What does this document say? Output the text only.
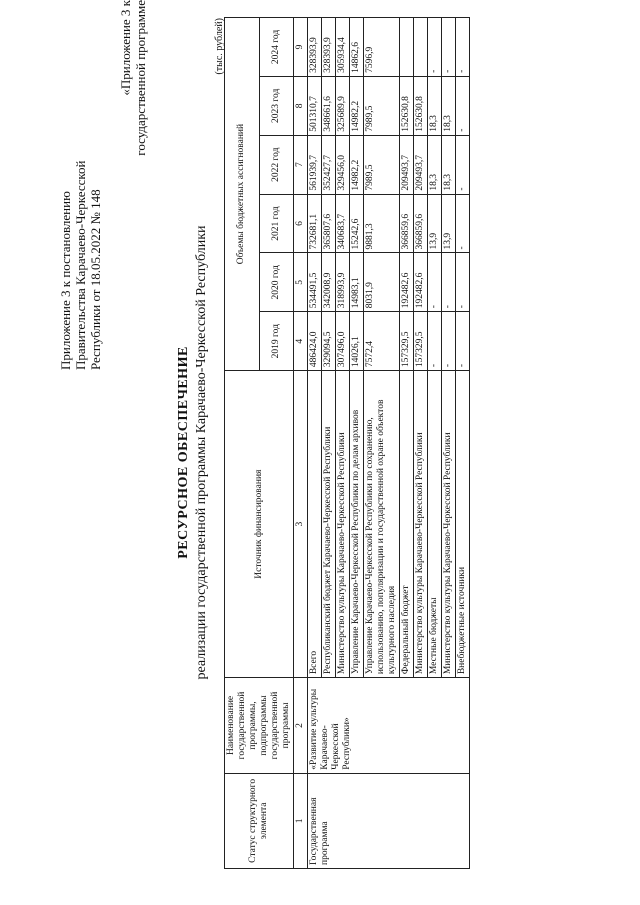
Приложение 3 к постановлению Правительства Карачаево-Черкесской Республики от 18.05.2022 № 148
«Приложение 3 к государственной программе
РЕСУРСНОЕ ОБЕСПЕЧЕНИЕ реализации государственной программы Карачаево-Черкесской Республики
(тыс. рублей)
Статус структурного элемента	Наименование государственной программы, подпрограммы государственной программы	Источник финансирования	Объемы бюджетных ассигнований					
			2019 год	2020 год	2021 год	2022 год	2023 год	2024 год
1	2	3	4	5	6	7	8	9
Государственная программа	«Развитие культуры Карачаево-Черкесской Республики»	Всего	486424,0	534491,5	732681,1	561939,7	501310,7	328393,9
		Республиканский бюджет Карачаево-Черкесской Республики	329094,5	342008,9	365807,6	352427,7	348661,6	328393,9
		Министерство культуры Карачаево-Черкесской Республики	307496,0	318993,9	340683,7	329456,0	325689,9	305934,4
		Управление Карачаево-Черкесской Республики по делам архивов	14026,1	14983,1	15242,6	14982,2	14982,2	14862,6
		Управление Карачаево-Черкесской Республики по сохранению, использованию, популяризации и государственной охране объектов культурного наследия	7572,4	8031,9	9881,3	7989,5	7989,5	7596,9
		Федеральный бюджет	157329,5	192482,6	366859,6	209493,7	152630,8	
		Министерство культуры Карачаево-Черкесской Республики	157329,5	192482,6	366859,6	209493,7	152630,8	
		Местные бюджеты	-	-	13,9	18,3	18,3	-
		Министерство культуры Карачаево-Черкесской Республики	-	-	13,9	18,3	18,3	-
		Внебюджетные источники	-	-	-	-	-	-
